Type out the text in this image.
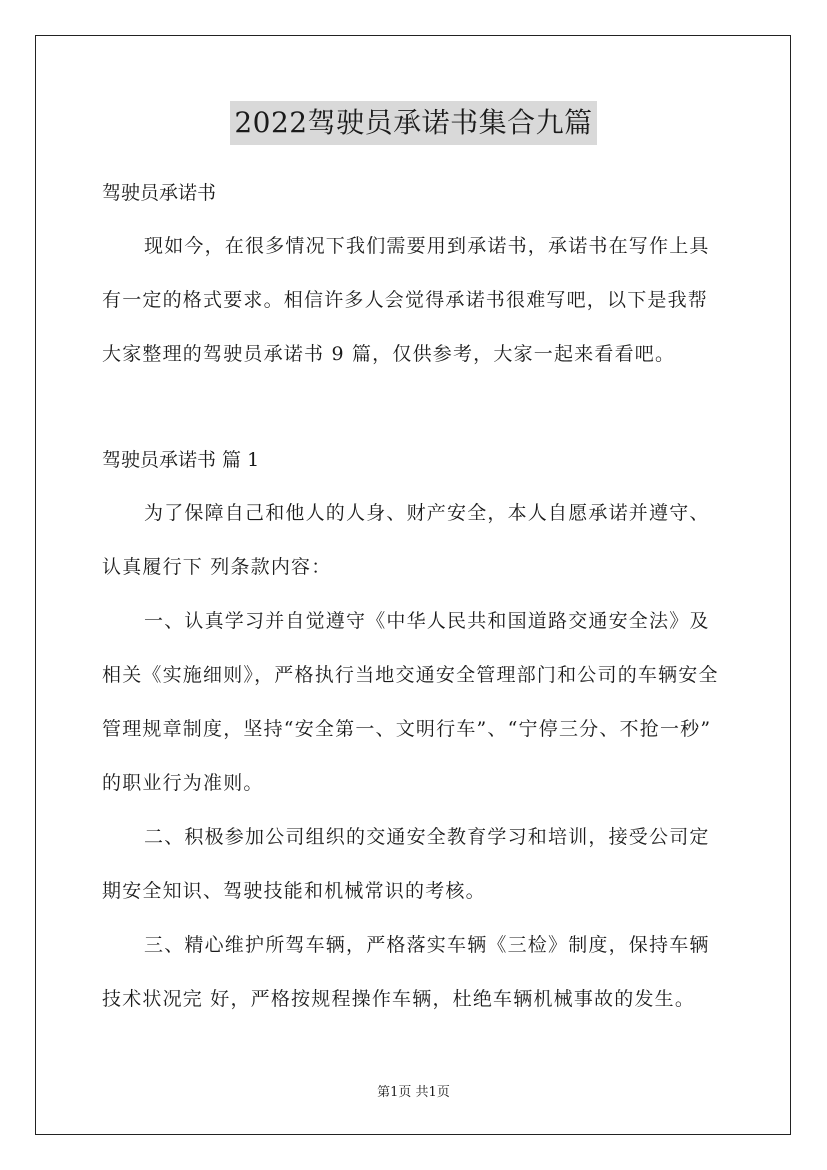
2022驾驶员承诺书集合九篇
驾驶员承诺书
现如今，在很多情况下我们需要用到承诺书，承诺书在写作上具
有一定的格式要求。相信许多人会觉得承诺书很难写吧，以下是我帮
大家整理的驾驶员承诺书 9 篇，仅供参考，大家一起来看看吧。
驾驶员承诺书 篇 1
为了保障自己和他人的人身、财产安全，本人自愿承诺并遵守、
认真履行下 列条款内容：
一、认真学习并自觉遵守《中华人民共和国道路交通安全法》及
相关《实施细则》，严格执行当地交通安全管理部门和公司的车辆安全
管理规章制度，坚持“安全第一、文明行车”、“宁停三分、不抢一秒”
的职业行为准则。
二、积极参加公司组织的交通安全教育学习和培训，接受公司定
期安全知识、驾驶技能和机械常识的考核。
三、精心维护所驾车辆，严格落实车辆《三检》制度，保持车辆
技术状况完 好，严格按规程操作车辆，杜绝车辆机械事故的发生。
第1页 共1页
